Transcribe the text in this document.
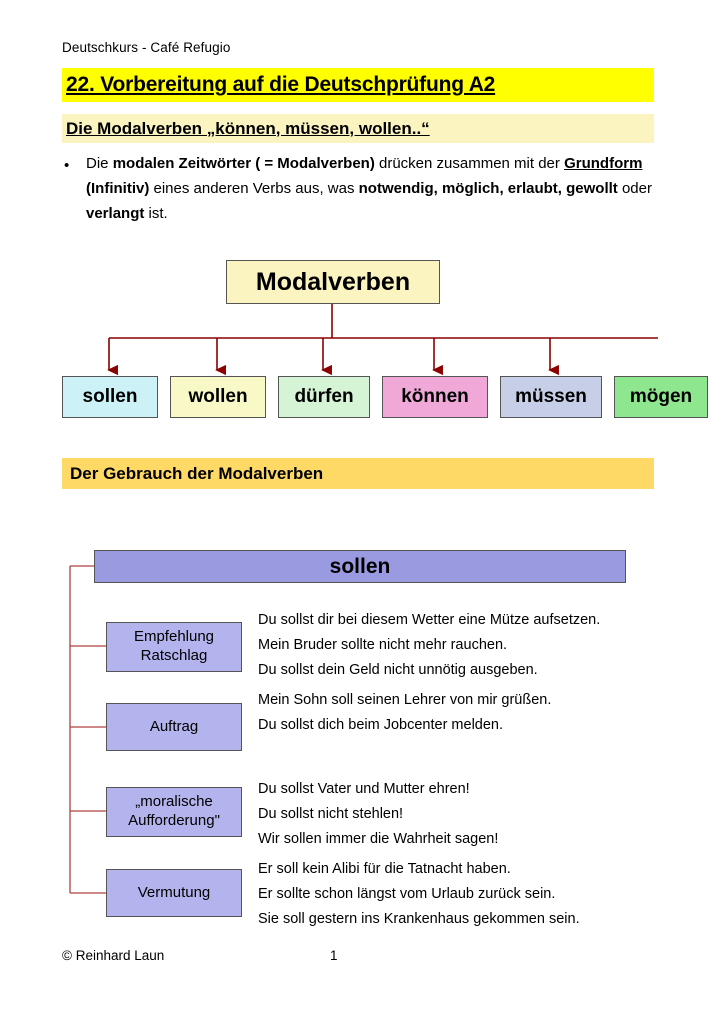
Deutschkurs - Café Refugio
22. Vorbereitung auf die Deutschprüfung A2
Die Modalverben „können, müssen, wollen..“
• Die modalen Zeitwörter ( = Modalverben) drücken zusammen mit der Grundform (Infinitiv) eines anderen Verbs aus, was notwendig, möglich, erlaubt, gewollt oder verlangt ist.
Modalverben
sollen	wollen dürfen	können müssen mögen
Der Gebrauch der Modalverben
sollen
Empfehlung
Ratschlag
Du sollst dir bei diesem Wetter eine Mütze aufsetzen.
Mein Bruder sollte nicht mehr rauchen.
Du sollst dein Geld nicht unnötig ausgeben.
Auftrag
Mein Sohn soll seinen Lehrer von mir grüßen.
Du sollst dich beim Jobcenter melden.
„moralische
Aufforderung"
Du sollst Vater und Mutter ehren!
Du sollst nicht stehlen!
Wir sollen immer die Wahrheit sagen!
Vermutung
Er soll kein Alibi für die Tatnacht haben.
Er sollte schon längst vom Urlaub zurück sein.
Sie soll gestern ins Krankenhaus gekommen sein.
© Reinhard Laun	1
